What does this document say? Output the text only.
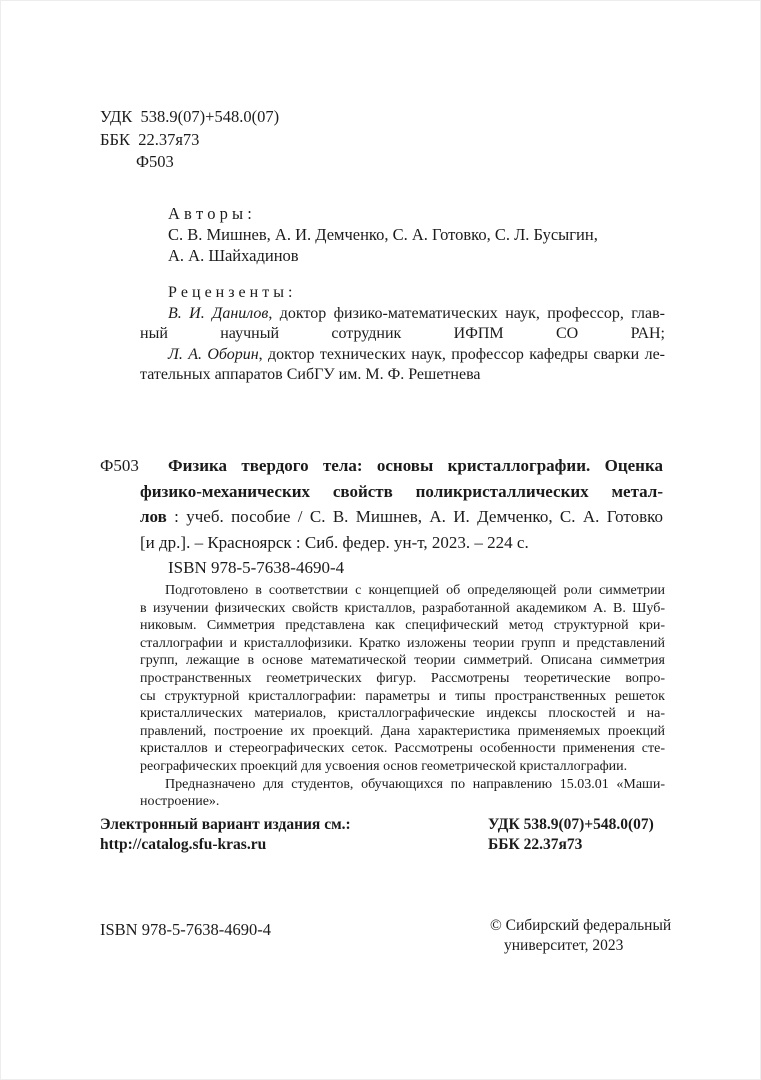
УДК  538.9(07)+548.0(07)
ББК  22.37я73
Ф503
А в т о р ы :
С. В. Мишнев, А. И. Демченко, С. А. Готовко, С. Л. Бусыгин,
А. А. Шайхадинов
Р е ц е н з е н т ы :
В. И. Данилов, доктор физико-математических наук, профессор, глав-
ный научный сотрудник ИФПМ СО РАН;
Л. А. Оборин, доктор технических наук, профессор кафедры сварки ле-
тательных аппаратов СибГУ им. М. Ф. Решетнева
Ф503 Физика твердого тела: основы кристаллографии. Оценка
физико-механических свойств поликристаллических метал-
лов : учеб. пособие / С. В. Мишнев, А. И. Демченко, С. А. Готовко
[и др.]. – Красноярск : Сиб. федер. ун-т, 2023. – 224 с.
ISBN 978-5-7638-4690-4
Подготовлено в соответствии с концепцией об определяющей роли симметрии
в изучении физических свойств кристаллов, разработанной академиком А. В. Шуб-
никовым. Симметрия представлена как специфический метод структурной кри-
сталлографии и кристаллофизики. Кратко изложены теории групп и представлений
групп, лежащие в основе математической теории симметрий. Описана симметрия
пространственных геометрических фигур. Рассмотрены теоретические вопро-
сы структурной кристаллографии: параметры и типы пространственных решеток
кристаллических материалов, кристаллографические индексы плоскостей и на-
правлений, построение их проекций. Дана характеристика применяемых проекций
кристаллов и стереографических сеток. Рассмотрены особенности применения сте-
реографических проекций для усвоения основ геометрической кристаллографии.
Предназначено для студентов, обучающихся по направлению 15.03.01 «Маши-
ностроение».
Электронный вариант издания см.:
http://catalog.sfu-kras.ru
УДК 538.9(07)+548.0(07)
ББК 22.37я73
ISBN 978-5-7638-4690-4	© Сибирский федеральный
университет, 2023
